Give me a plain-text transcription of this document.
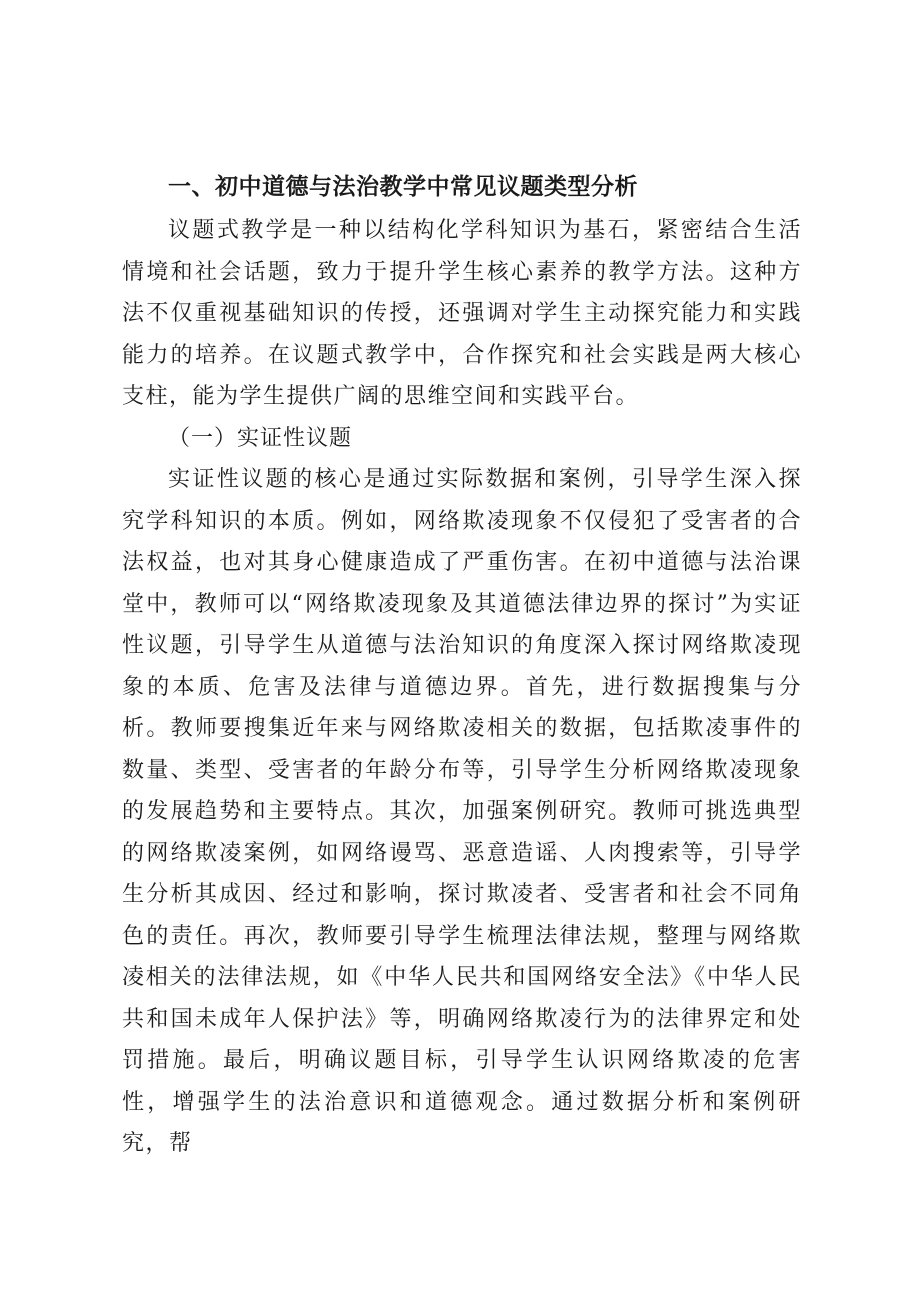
一、初中道德与法治教学中常见议题类型分析

议题式教学是一种以结构化学科知识为基石，紧密结合生活情境和社会话题，致力于提升学生核心素养的教学方法。这种方法不仅重视基础知识的传授，还强调对学生主动探究能力和实践能力的培养。在议题式教学中，合作探究和社会实践是两大核心支柱，能为学生提供广阔的思维空间和实践平台。

（一）实证性议题

实证性议题的核心是通过实际数据和案例，引导学生深入探究学科知识的本质。例如，网络欺凌现象不仅侵犯了受害者的合法权益，也对其身心健康造成了严重伤害。在初中道德与法治课堂中，教师可以“网络欺凌现象及其道德法律边界的探讨”为实证性议题，引导学生从道德与法治知识的角度深入探讨网络欺凌现象的本质、危害及法律与道德边界。首先，进行数据搜集与分析。教师要搜集近年来与网络欺凌相关的数据，包括欺凌事件的数量、类型、受害者的年龄分布等，引导学生分析网络欺凌现象的发展趋势和主要特点。其次，加强案例研究。教师可挑选典型的网络欺凌案例，如网络谩骂、恶意造谣、人肉搜索等，引导学生分析其成因、经过和影响，探讨欺凌者、受害者和社会不同角色的责任。再次，教师要引导学生梳理法律法规，整理与网络欺凌相关的法律法规，如《中华人民共和国网络安全法》《中华人民共和国未成年人保护法》等，明确网络欺凌行为的法律界定和处罚措施。最后，明确议题目标，引导学生认识网络欺凌的危害性，增强学生的法治意识和道德观念。通过数据分析和案例研究，帮
